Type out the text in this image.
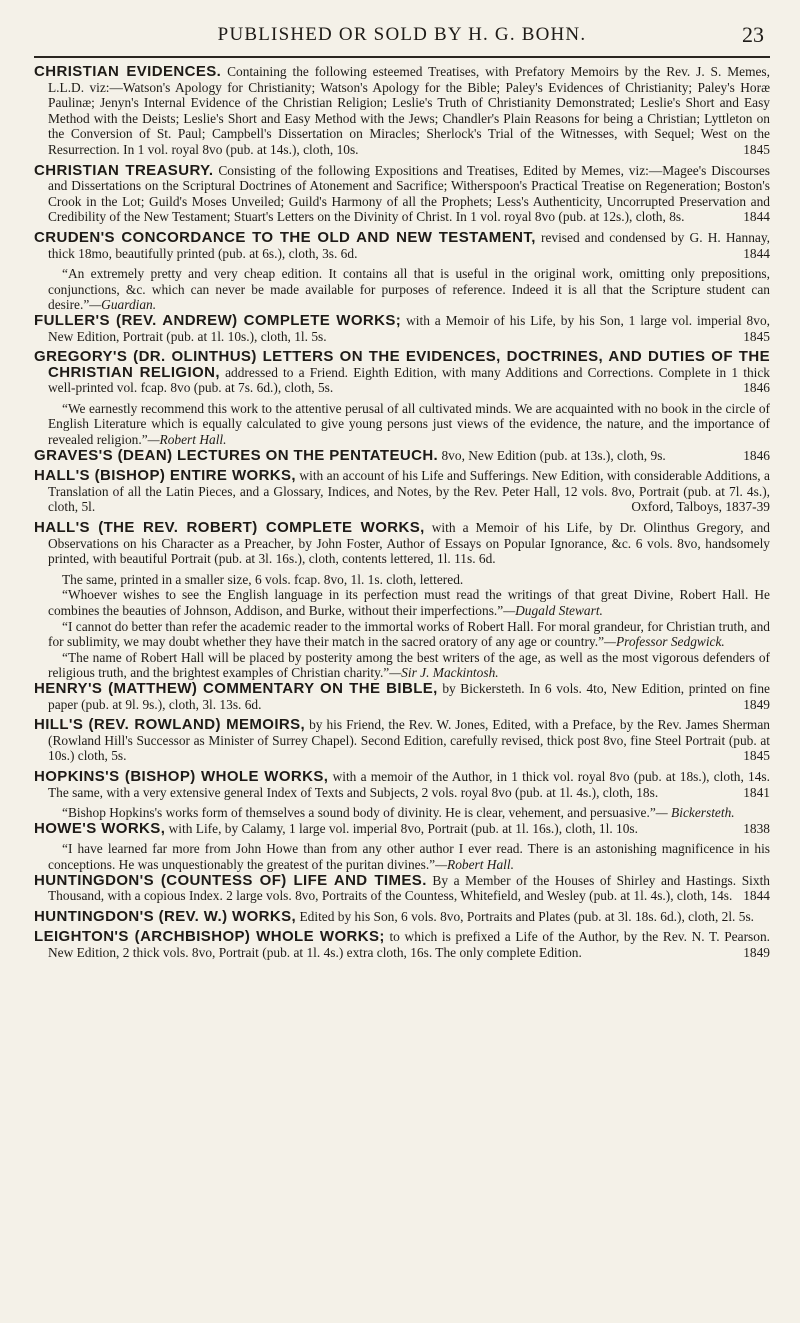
PUBLISHED OR SOLD BY H. G. BOHN.	23

CHRISTIAN EVIDENCES. Containing the following esteemed Treatises, with Prefatory Memoirs by the Rev. J. S. Memes, L.L.D. viz:—Watson's Apology for Christianity; Watson's Apology for the Bible; Paley's Evidences of Christianity; Paley's Horæ Paulinæ; Jenyn's Internal Evidence of the Christian Religion; Leslie's Truth of Christianity Demonstrated; Leslie's Short and Easy Method with the Deists; Leslie's Short and Easy Method with the Jews; Chandler's Plain Reasons for being a Christian; Lyttleton on the Conversion of St. Paul; Campbell's Dissertation on Miracles; Sherlock's Trial of the Witnesses, with Sequel; West on the Resurrection. In 1 vol. royal 8vo (pub. at 14s.), cloth, 10s.	1845

CHRISTIAN TREASURY. Consisting of the following Expositions and Treatises, Edited by Memes, viz:—Magee's Discourses and Dissertations on the Scriptural Doctrines of Atonement and Sacrifice; Witherspoon's Practical Treatise on Regeneration; Boston's Crook in the Lot; Guild's Moses Unveiled; Guild's Harmony of all the Prophets; Less's Authenticity, Uncorrupted Preservation and Credibility of the New Testament; Stuart's Letters on the Divinity of Christ. In 1 vol. royal 8vo (pub. at 12s.), cloth, 8s.	1844

CRUDEN'S CONCORDANCE TO THE OLD AND NEW TESTAMENT, revised and condensed by G. H. Hannay, thick 18mo, beautifully printed (pub. at 6s.), cloth, 3s. 6d.	1844

“An extremely pretty and very cheap edition. It contains all that is useful in the original work, omitting only prepositions, conjunctions, &c. which can never be made available for purposes of reference. Indeed it is all that the Scripture student can desire.”—Guardian.

FULLER'S (REV. ANDREW) COMPLETE WORKS; with a Memoir of his Life, by his Son, 1 large vol. imperial 8vo, New Edition, Portrait (pub. at 1l. 10s.), cloth, 1l. 5s.	1845

GREGORY'S (DR. OLINTHUS) LETTERS ON THE EVIDENCES, DOCTRINES, AND DUTIES OF THE CHRISTIAN RELIGION, addressed to a Friend. Eighth Edition, with many Additions and Corrections. Complete in 1 thick well-printed vol. fcap. 8vo (pub. at 7s. 6d.), cloth, 5s.	1846

“We earnestly recommend this work to the attentive perusal of all cultivated minds. We are acquainted with no book in the circle of English Literature which is equally calculated to give young persons just views of the evidence, the nature, and the importance of revealed religion.”—Robert Hall.

GRAVES'S (DEAN) LECTURES ON THE PENTATEUCH. 8vo, New Edition (pub. at 13s.), cloth, 9s.	1846

HALL'S (BISHOP) ENTIRE WORKS, with an account of his Life and Sufferings. New Edition, with considerable Additions, a Translation of all the Latin Pieces, and a Glossary, Indices, and Notes, by the Rev. Peter Hall, 12 vols. 8vo, Portrait (pub. at 7l. 4s.), cloth, 5l.	Oxford, Talboys, 1837-39

HALL'S (THE REV. ROBERT) COMPLETE WORKS, with a Memoir of his Life, by Dr. Olinthus Gregory, and Observations on his Character as a Preacher, by John Foster, Author of Essays on Popular Ignorance, &c. 6 vols. 8vo, handsomely printed, with beautiful Portrait (pub. at 3l. 16s.), cloth, contents lettered, 1l. 11s. 6d.

The same, printed in a smaller size, 6 vols. fcap. 8vo, 1l. 1s. cloth, lettered.

“Whoever wishes to see the English language in its perfection must read the writings of that great Divine, Robert Hall. He combines the beauties of Johnson, Addison, and Burke, without their imperfections.”—Dugald Stewart.

“I cannot do better than refer the academic reader to the immortal works of Robert Hall. For moral grandeur, for Christian truth, and for sublimity, we may doubt whether they have their match in the sacred oratory of any age or country.”—Professor Sedgwick.

“The name of Robert Hall will be placed by posterity among the best writers of the age, as well as the most vigorous defenders of religious truth, and the brightest examples of Christian charity.”—Sir J. Mackintosh.

HENRY'S (MATTHEW) COMMENTARY ON THE BIBLE, by Bickersteth. In 6 vols. 4to, New Edition, printed on fine paper (pub. at 9l. 9s.), cloth, 3l. 13s. 6d.	1849

HILL'S (REV. ROWLAND) MEMOIRS, by his Friend, the Rev. W. Jones, Edited, with a Preface, by the Rev. James Sherman (Rowland Hill's Successor as Minister of Surrey Chapel). Second Edition, carefully revised, thick post 8vo, fine Steel Portrait (pub. at 10s.) cloth, 5s.	1845

HOPKINS'S (BISHOP) WHOLE WORKS, with a memoir of the Author, in 1 thick vol. royal 8vo (pub. at 18s.), cloth, 14s. The same, with a very extensive general Index of Texts and Subjects, 2 vols. royal 8vo (pub. at 1l. 4s.), cloth, 18s.	1841

“Bishop Hopkins's works form of themselves a sound body of divinity. He is clear, vehement, and persuasive.”— Bickersteth.

HOWE'S WORKS, with Life, by Calamy, 1 large vol. imperial 8vo, Portrait (pub. at 1l. 16s.), cloth, 1l. 10s.	1838

“I have learned far more from John Howe than from any other author I ever read. There is an astonishing magnificence in his conceptions. He was unquestionably the greatest of the puritan divines.”—Robert Hall.

HUNTINGDON'S (COUNTESS OF) LIFE AND TIMES. By a Member of the Houses of Shirley and Hastings. Sixth Thousand, with a copious Index. 2 large vols. 8vo, Portraits of the Countess, Whitefield, and Wesley (pub. at 1l. 4s.), cloth, 14s. 1844

HUNTINGDON'S (REV. W.) WORKS, Edited by his Son, 6 vols. 8vo, Portraits and Plates (pub. at 3l. 18s. 6d.), cloth, 2l. 5s.

LEIGHTON'S (ARCHBISHOP) WHOLE WORKS; to which is prefixed a Life of the Author, by the Rev. N. T. Pearson. New Edition, 2 thick vols. 8vo, Portrait (pub. at 1l. 4s.) extra cloth, 16s. The only complete Edition.	1849
